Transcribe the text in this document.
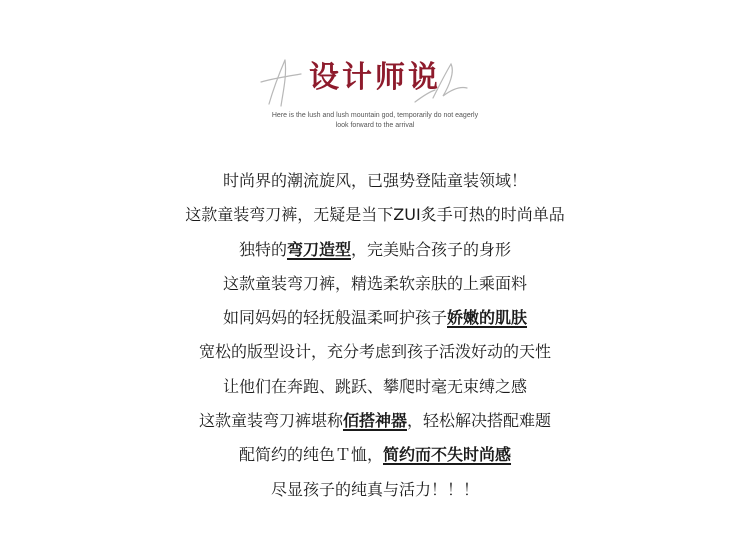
设计师说
Here is the lush and lush mountain god, temporarily do not eagerly
look forward to the arrival
时尚界的潮流旋风，已强势登陆童装领域！
这款童装弯刀裤，无疑是当下ZUI炙手可热的时尚单品
独特的弯刀造型，完美贴合孩子的身形
这款童装弯刀裤，精选柔软亲肤的上乘面料
如同妈妈的轻抚般温柔呵护孩子娇嫩的肌肤
宽松的版型设计，充分考虑到孩子活泼好动的天性
让他们在奔跑、跳跃、攀爬时毫无束缚之感
这款童装弯刀裤堪称佰搭神器，轻松解决搭配难题
配简约的纯色Ｔ恤，简约而不失时尚感
尽显孩子的纯真与活力！！！
